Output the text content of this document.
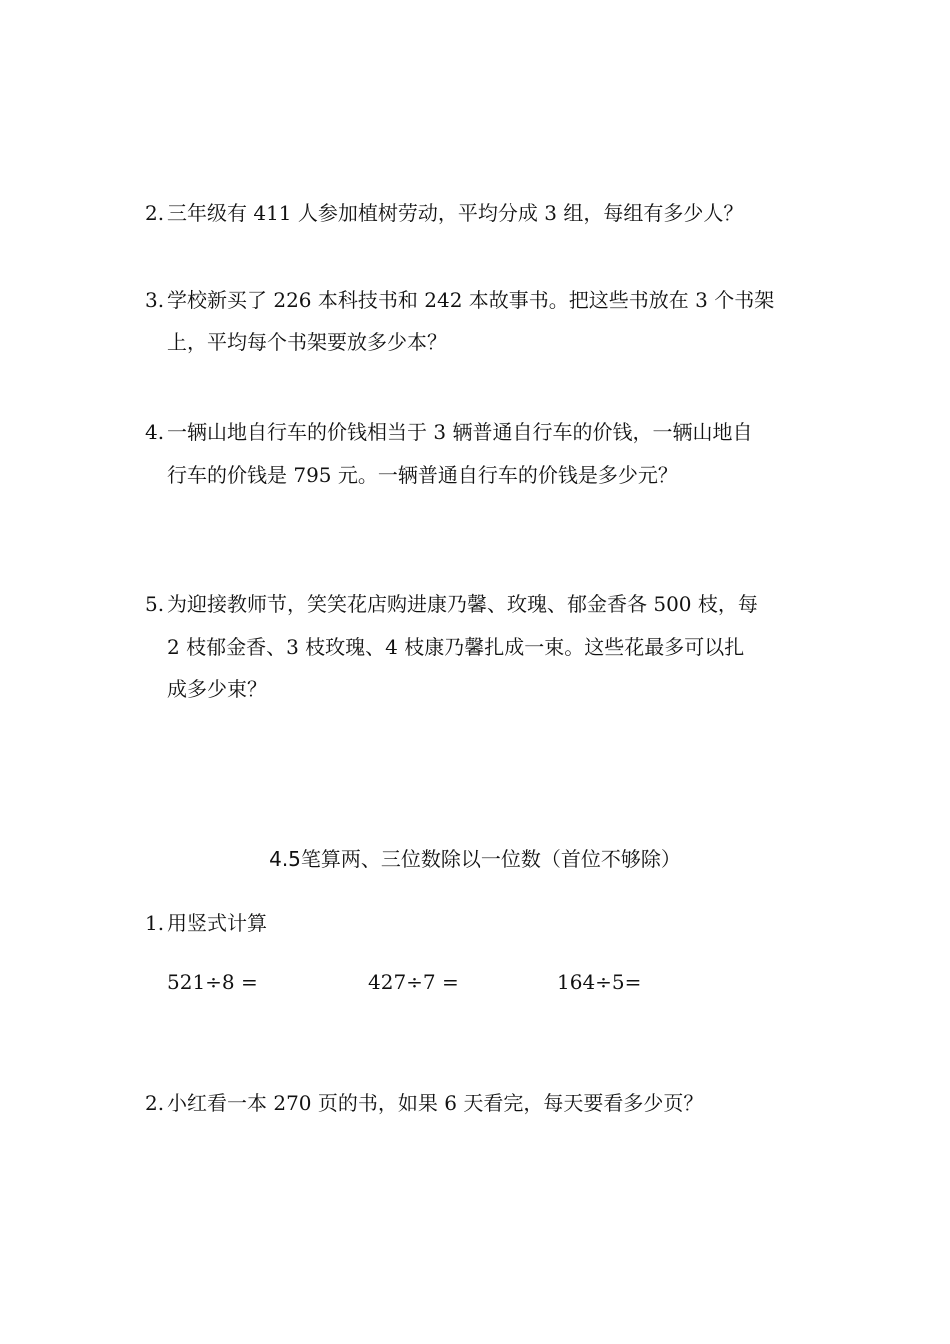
2. 三年级有 411 人参加植树劳动，平均分成 3 组，每组有多少人？
3. 学校新买了 226 本科技书和 242 本故事书。把这些书放在 3 个书架
上，平均每个书架要放多少本？
4. 一辆山地自行车的价钱相当于 3 辆普通自行车的价钱，一辆山地自
行车的价钱是 795 元。一辆普通自行车的价钱是多少元？
5. 为迎接教师节，笑笑花店购进康乃馨、玫瑰、郁金香各 500 枝，每
2 枝郁金香、3 枝玫瑰、4 枝康乃馨扎成一束。这些花最多可以扎
成多少束？
4.5笔算两、三位数除以一位数（首位不够除）
1. 用竖式计算
521÷8 =	427÷7 =	164÷5=
2. 小红看一本 270 页的书，如果 6 天看完，每天要看多少页？
